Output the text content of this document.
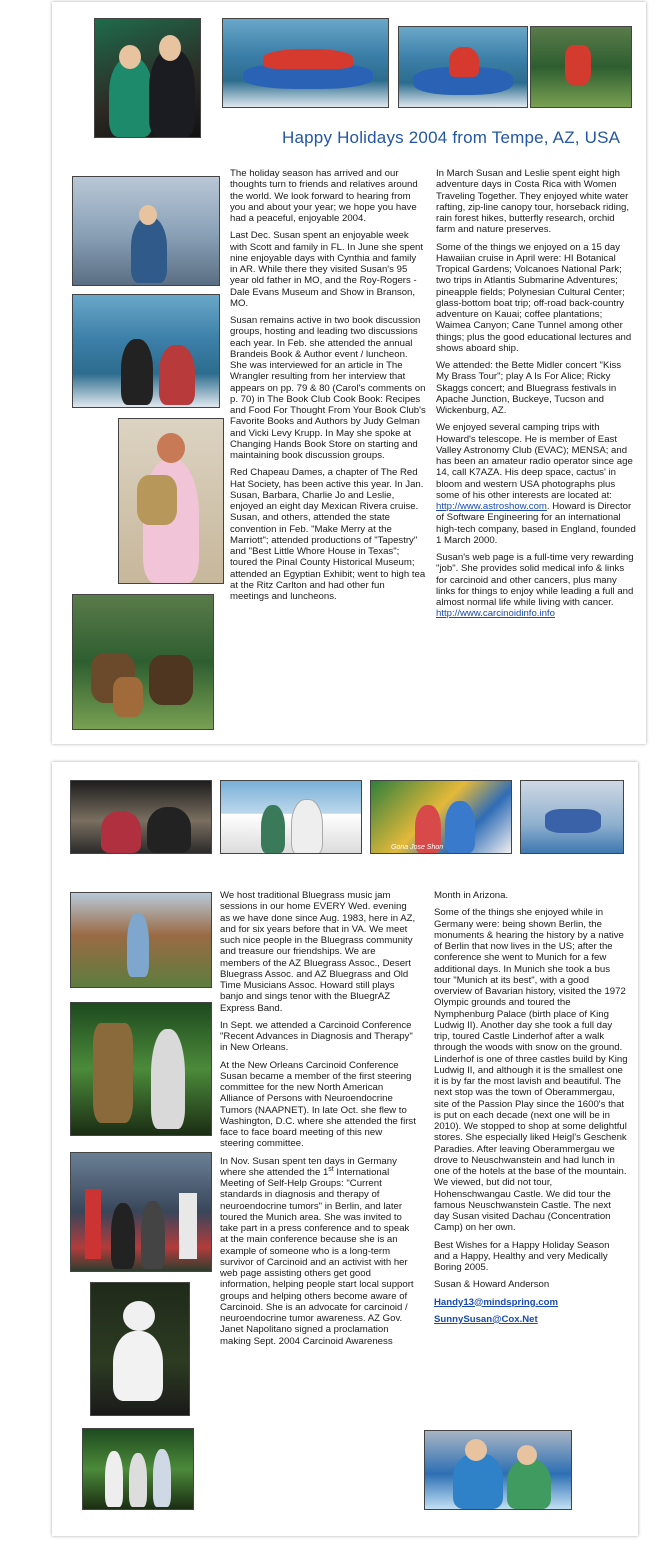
Happy Holidays 2004 from Tempe, AZ, USA

The holiday season has arrived and our thoughts turn to friends and relatives around the world. We look forward to hearing from you and about your year; we hope you have had a peaceful, enjoyable 2004.

Last Dec. Susan spent an enjoyable week with Scott and family in FL. In June she spent nine enjoyable days with Cynthia and family in AR. While there they visited Susan's 95 year old father in MO, and the Roy-Rogers - Dale Evans Museum and Show in Branson, MO.

Susan remains active in two book discussion groups, hosting and leading two discussions each year. In Feb. she attended the annual Brandeis Book & Author event / luncheon. She was interviewed for an article in The Wrangler resulting from her interview that appears on pp. 79 & 80 (Carol's comments on p. 70) in The Book Club Cook Book: Recipes and Food For Thought From Your Book Club's Favorite Books and Authors by Judy Gelman and Vicki Levy Krupp. In May she spoke at Changing Hands Book Store on starting and maintaining book discussion groups.

Red Chapeau Dames, a chapter of The Red Hat Society, has been active this year. In Jan. Susan, Barbara, Charlie Jo and Leslie, enjoyed an eight day Mexican Rivera cruise. Susan, and others, attended the state convention in Feb. "Make Merry at the Marriott"; attended productions of "Tapestry" and "Best Little Whore House in Texas"; toured the Pinal County Historical Museum; attended an Egyptian Exhibit; went to high tea at the Ritz Carlton and had other fun meetings and luncheons.

In March Susan and Leslie spent eight high adventure days in Costa Rica with Women Traveling Together. They enjoyed white water rafting, zip-line canopy tour, horseback riding, rain forest hikes, butterfly research, orchid farm and nature preserves.

Some of the things we enjoyed on a 15 day Hawaiian cruise in April were: HI Botanical Tropical Gardens; Volcanoes National Park; two trips in Atlantis Submarine Adventures; pineapple fields; Polynesian Cultural Center; glass-bottom boat trip; off-road back-country adventure on Kauai; coffee plantations; Waimea Canyon; Cane Tunnel among other things; plus the good educational lectures and shows aboard ship.

We attended: the Bette Midler concert "Kiss My Brass Tour"; play A Is For Alice; Ricky Skaggs concert; and Bluegrass festivals in Apache Junction, Buckeye, Tucson and Wickenburg, AZ.

We enjoyed several camping trips with Howard's telescope. He is member of East Valley Astronomy Club (EVAC); MENSA; and has been an amateur radio operator since age 14, call K7AZA. His deep space, cactus' in bloom and western USA photographs plus some of his other interests are located at: http://www.astroshow.com. Howard is Director of Software Engineering for an international high-tech company, based in England, founded 1 March 2000.

Susan's web page is a full-time very rewarding "job". She provides solid medical info & links for carcinoid and other cancers, plus many links for things to enjoy while leading a full and almost normal life while living with cancer.

http://www.carcinoidinfo.info
Gona Jose Shon

We host traditional Bluegrass music jam sessions in our home EVERY Wed. evening as we have done since Aug. 1983, here in AZ, and for six years before that in VA. We meet such nice people in the Bluegrass community and treasure our friendships. We are members of the AZ Bluegrass Assoc., Desert Bluegrass Assoc. and AZ Bluegrass and Old Time Musicians Assoc. Howard still plays banjo and sings tenor with the BluegrAZ Express Band.

In Sept. we attended a Carcinoid Conference "Recent Advances in Diagnosis and Therapy" in New Orleans.

At the New Orleans Carcinoid Conference Susan became a member of the first steering committee for the new North American Alliance of Persons with Neuroendocrine Tumors (NAAPNET). In late Oct. she flew to Washington, D.C. where she attended the first face to face board meeting of this new steering committee.

In Nov. Susan spent ten days in Germany where she attended the 1st International Meeting of Self-Help Groups: "Current standards in diagnosis and therapy of neuroendocrine tumors" in Berlin, and later toured the Munich area. She was invited to take part in a press conference and to speak at the main conference because she is an example of someone who is a long-term survivor of Carcinoid and an activist with her web page assisting others get good information, helping people start local support groups and helping others become aware of Carcinoid. She is an advocate for carcinoid / neuroendocrine tumor awareness. AZ Gov. Janet Napolitano signed a proclamation making Sept. 2004 Carcinoid Awareness

Month in Arizona.

Some of the things she enjoyed while in Germany were: being shown Berlin, the monuments & hearing the history by a native of Berlin that now lives in the US; after the conference she went to Munich for a few additional days. In Munich she took a bus tour "Munich at its best", with a good overview of Bavarian history, visited the 1972 Olympic grounds and toured the Nymphenburg Palace (birth place of King Ludwig II). Another day she took a full day trip, toured Castle Linderhof after a walk through the woods with snow on the ground. Linderhof is one of three castles build by King Ludwig II, and although it is the smallest one it is by far the most lavish and beautiful. The next stop was the town of Oberammergau, site of the Passion Play since the 1600's that is put on each decade (next one will be in 2010). We stopped to shop at some delightful stores. She especially liked Heigl's Geschenk Paradies. After leaving Oberammergau we drove to Neuschwanstein and had lunch in one of the hotels at the base of the mountain. We viewed, but did not tour, Hohenschwangau Castle. We did tour the famous Neuschwanstein Castle. The next day Susan visited Dachau (Concentration Camp) on her own.

Best Wishes for a Happy Holiday Season and a Happy, Healthy and very Medically Boring 2005.

Susan & Howard Anderson

Handy13@mindspring.com
SunnySusan@Cox.Net
